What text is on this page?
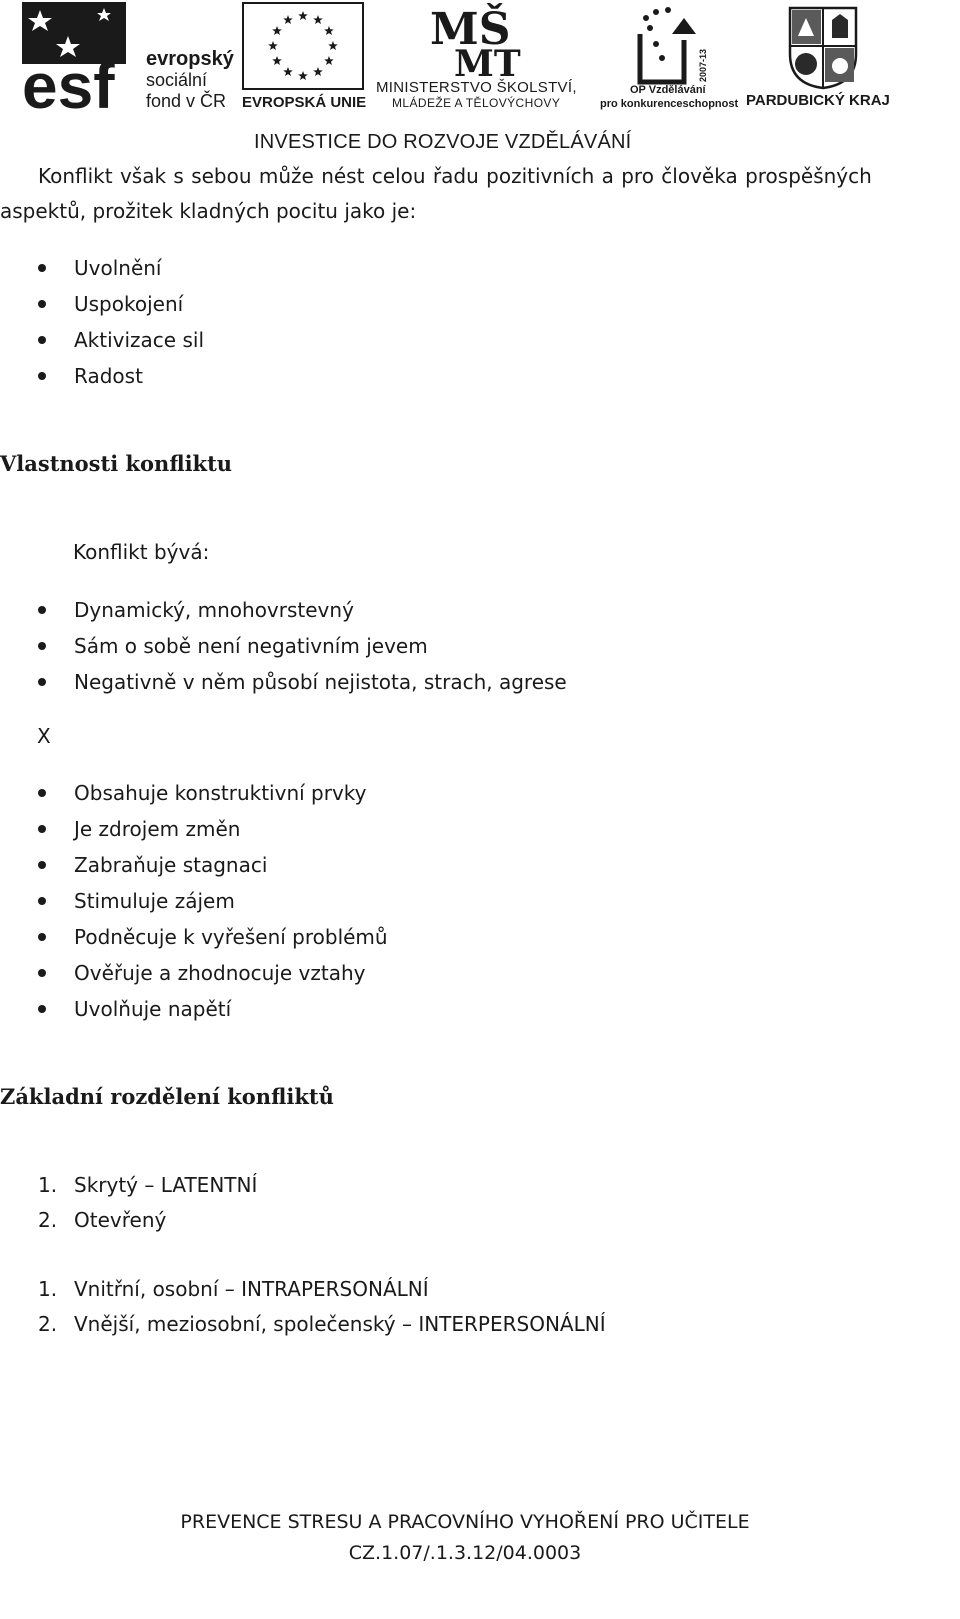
esf evropský
sociální
fond v ČR EVROPSKÁ UNIE
MŠ
MT
MINISTERSTVO ŠKOLSTVÍ,
MLÁDEŽE A TĚLOVÝCHOVY
2007-13
OP Vzdělávání
pro konkurenceschopnost PARDUBICKÝ KRAJ
INVESTICE DO ROZVOJE VZDĚLÁVÁNÍ
Konflikt však s sebou může nést celou řadu pozitivních a pro člověka prospěšných
aspektů, prožitek kladných pocitu jako je:
Uvolnění
Uspokojení
Aktivizace sil
Radost
Vlastnosti konfliktu
Konflikt bývá:
Dynamický, mnohovrstevný
Sám o sobě není negativním jevem
Negativně v něm působí nejistota, strach, agrese
X
Obsahuje konstruktivní prvky
Je zdrojem změn
Zabraňuje stagnaci
Stimuluje zájem
Podněcuje k vyřešení problémů
Ověřuje a zhodnocuje vztahy
Uvolňuje napětí
Základní rozdělení konfliktů
1. Skrytý – LATENTNÍ
2. Otevřený
1. Vnitřní, osobní – INTRAPERSONÁLNÍ
2. Vnější, meziosobní, společenský – INTERPERSONÁLNÍ
PREVENCE STRESU A PRACOVNÍHO VYHOŘENÍ PRO UČITELE
CZ.1.07/.1.3.12/04.0003
